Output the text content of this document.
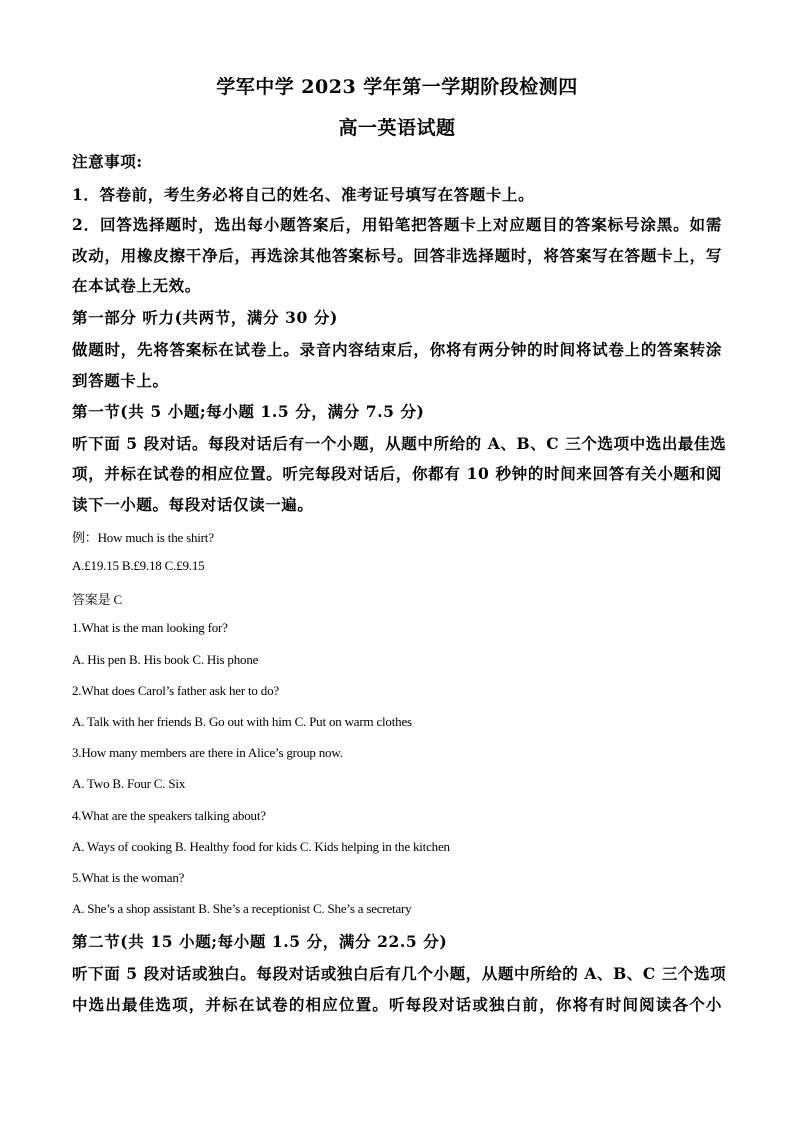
学军中学 2023 学年第一学期阶段检测四
高一英语试题
注意事项:
1．答卷前，考生务必将自己的姓名、准考证号填写在答题卡上。
2．回答选择题时，选出每小题答案后，用铅笔把答题卡上对应题目的答案标号涂黑。如需
改动，用橡皮擦干净后，再选涂其他答案标号。回答非选择题时，将答案写在答题卡上，写
在本试卷上无效。
第一部分 听力(共两节，满分 30 分)
做题时，先将答案标在试卷上。录音内容结束后，你将有两分钟的时间将试卷上的答案转涂
到答题卡上。
第一节(共 5 小题;每小题 1.5 分，满分 7.5 分)
听下面 5 段对话。每段对话后有一个小题，从题中所给的 A、B、C 三个选项中选出最佳选
项，并标在试卷的相应位置。听完每段对话后，你都有 10 秒钟的时间来回答有关小题和阅
读下一小题。每段对话仅读一遍。
例：How much is the shirt?
A.£19.15 B.£9.18 C.£9.15
答案是 C
1.What is the man looking for?
A. His pen B. His book C. His phone
2.What does Carol’s father ask her to do?
A. Talk with her friends B. Go out with him C. Put on warm clothes
3.How many members are there in Alice’s group now.
A. Two B. Four C. Six
4.What are the speakers talking about?
A. Ways of cooking B. Healthy food for kids C. Kids helping in the kitchen
5.What is the woman?
A. She’s a shop assistant B. She’s a receptionist C. She’s a secretary
第二节(共 15 小题;每小题 1.5 分，满分 22.5 分)
听下面 5 段对话或独白。每段对话或独白后有几个小题，从题中所给的 A、B、C 三个选项
中选出最佳选项，并标在试卷的相应位置。听每段对话或独白前，你将有时间阅读各个小
